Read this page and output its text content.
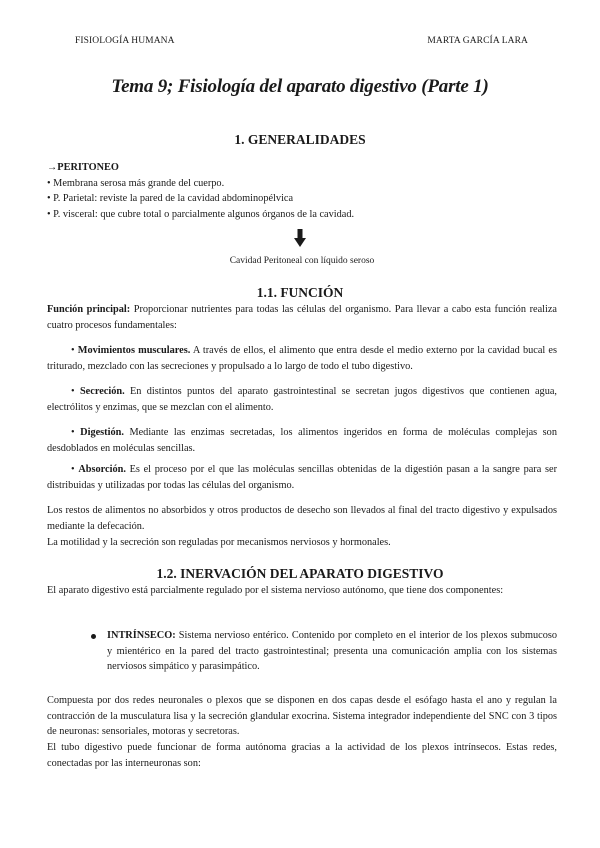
FISIOLOGÍA HUMANA	MARTA GARCÍA LARA
Tema 9; Fisiología del aparato digestivo (Parte 1)
1. GENERALIDADES
→PERITONEO
• Membrana serosa más grande del cuerpo.
• P. Parietal: reviste la pared de la cavidad abdominopélvica
• P. visceral: que cubre total o parcialmente algunos órganos de la cavidad.
Cavidad Peritoneal con líquido seroso
1.1. FUNCIÓN
Función principal: Proporcionar nutrientes para todas las células del organismo. Para llevar a cabo esta función realiza cuatro procesos fundamentales:
• Movimientos musculares. A través de ellos, el alimento que entra desde el medio externo por la cavidad bucal es triturado, mezclado con las secreciones y propulsado a lo largo de todo el tubo digestivo.
• Secreción. En distintos puntos del aparato gastrointestinal se secretan jugos digestivos que contienen agua, electrólitos y enzimas, que se mezclan con el alimento.
• Digestión. Mediante las enzimas secretadas, los alimentos ingeridos en forma de moléculas complejas son desdoblados en moléculas sencillas.
• Absorción. Es el proceso por el que las moléculas sencillas obtenidas de la digestión pasan a la sangre para ser distribuidas y utilizadas por todas las células del organismo.
Los restos de alimentos no absorbidos y otros productos de desecho son llevados al final del tracto digestivo y expulsados mediante la defecación.
La motilidad y la secreción son reguladas por mecanismos nerviosos y hormonales.
1.2. INERVACIÓN DEL APARATO DIGESTIVO
El aparato digestivo está parcialmente regulado por el sistema nervioso autónomo, que tiene dos componentes:
INTRÍNSECO: Sistema nervioso entérico. Contenido por completo en el interior de los plexos submucoso y mientérico en la pared del tracto gastrointestinal; presenta una comunicación amplia con los sistemas nerviosos simpático y parasimpático.
Compuesta por dos redes neuronales o plexos que se disponen en dos capas desde el esófago hasta el ano y regulan la contracción de la musculatura lisa y la secreción glandular exocrina. Sistema integrador independiente del SNC con 3 tipos de neuronas: sensoriales, motoras y secretoras.
El tubo digestivo puede funcionar de forma autónoma gracias a la actividad de los plexos intrínsecos. Estas redes, conectadas por las interneuronas son:
